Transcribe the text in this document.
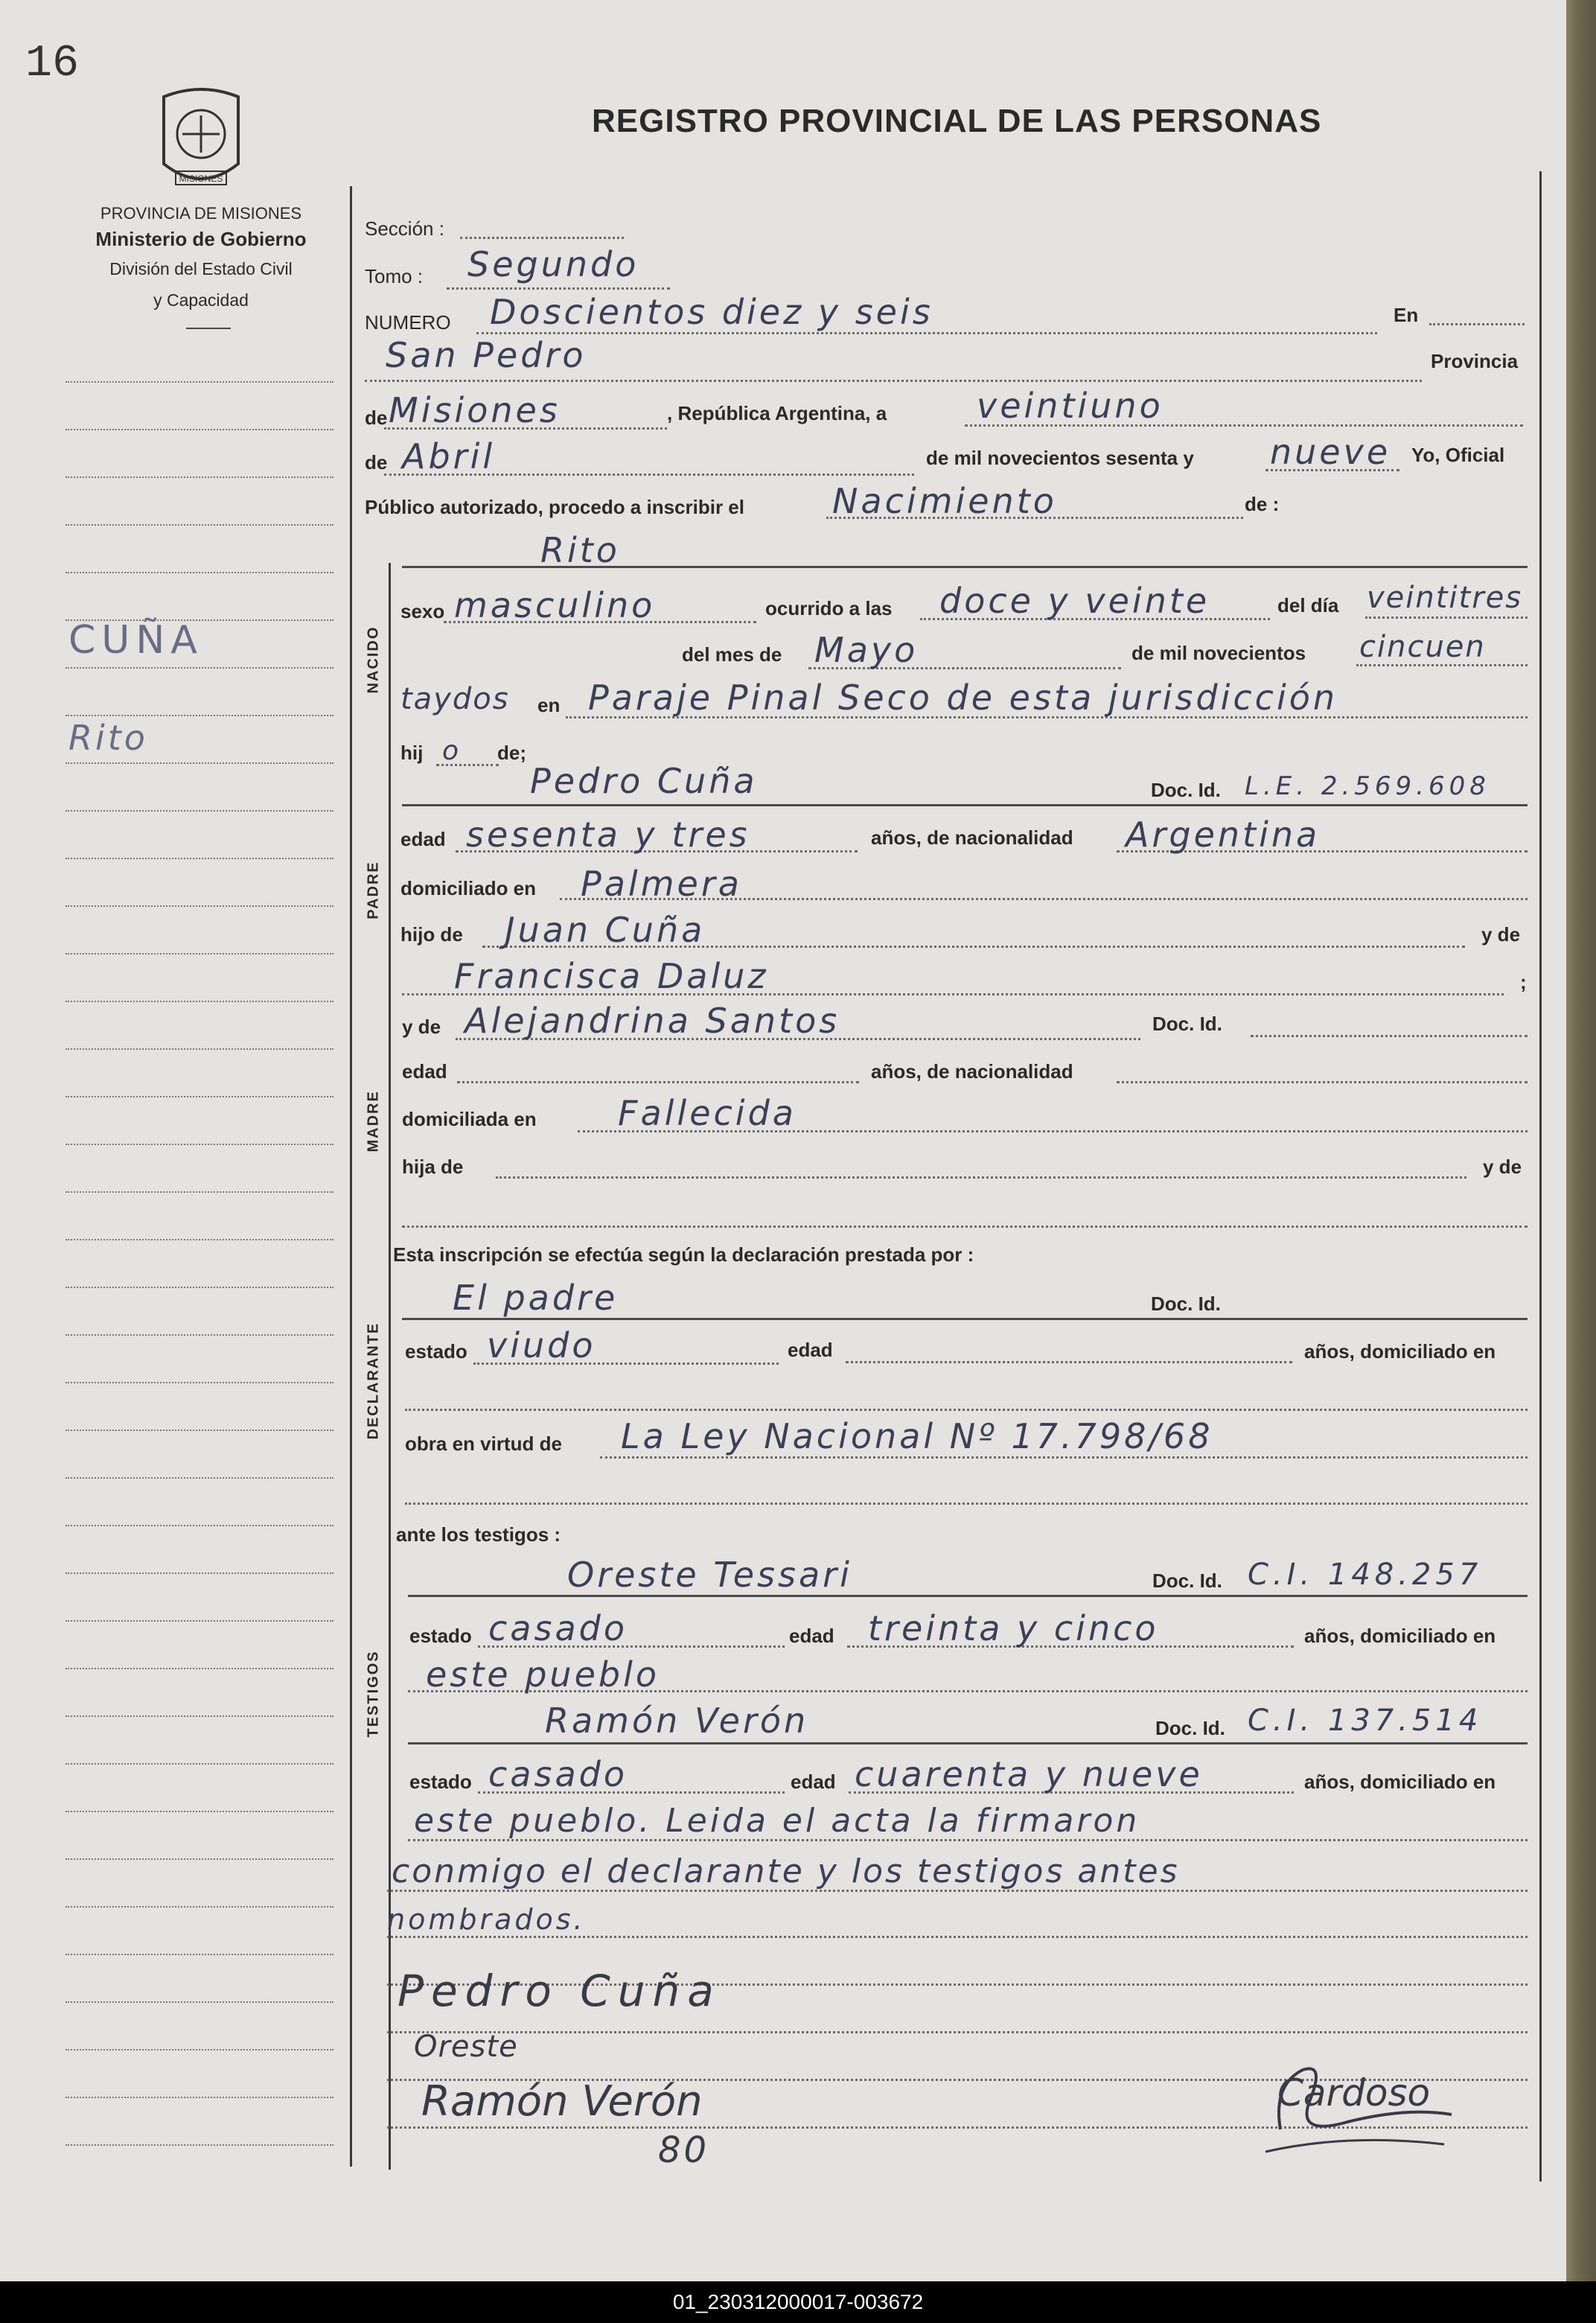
16
MISIONES
PROVINCIA DE MISIONES
Ministerio de Gobierno
División del Estado Civil
y Capacidad
REGISTRO PROVINCIAL DE LAS PERSONAS
CUÑA
Rito
NACIDO
PADRE
MADRE
DECLARANTE
TESTIGOS
Sección :
Tomo : Segundo
NUMERO Doscientos diez y seis	En
San Pedro	Provincia
de Misiones	, República Argentina, a	veintiuno
de Abril	de mil novecientos sesenta y nueve Yo, Oficial
Público autorizado, procedo a inscribir el	Nacimiento	de :
Rito
sexo masculino	ocurrido a las doce y veinte	del día veintitres
del mes de Mayo	de mil novecientos cincuen
taydos en Paraje Pinal Seco de esta jurisdicción
hij o de;
Pedro Cuña	Doc. Id. L.E. 2.569.608
edad sesenta y tres	años, de nacionalidad Argentina
domiciliado en Palmera
hijo de Juan Cuña	y de
Francisca Daluz	;
y de Alejandrina Santos	Doc. Id.
edad	años, de nacionalidad
domiciliada en Fallecida
hija de	y de
Esta inscripción se efectúa según la declaración prestada por :
El padre	Doc. Id.
estado viudo	edad	años, domiciliado en
obra en virtud de La Ley Nacional Nº 17.798/68
ante los testigos :
Oreste Tessari	Doc. Id. C.I. 148.257
estado casado	edad treinta y cinco	años, domiciliado en
este pueblo
Ramón Verón	Doc. Id. C.I. 137.514
estado casado	edad cuarenta y nueve	años, domiciliado en
este pueblo. Leida el acta la firmaron
conmigo el declarante y los testigos antes
nombrados.
Pedro Cuña
Oreste
Ramón Verón
80
Cardoso
01_230312000017-003672
